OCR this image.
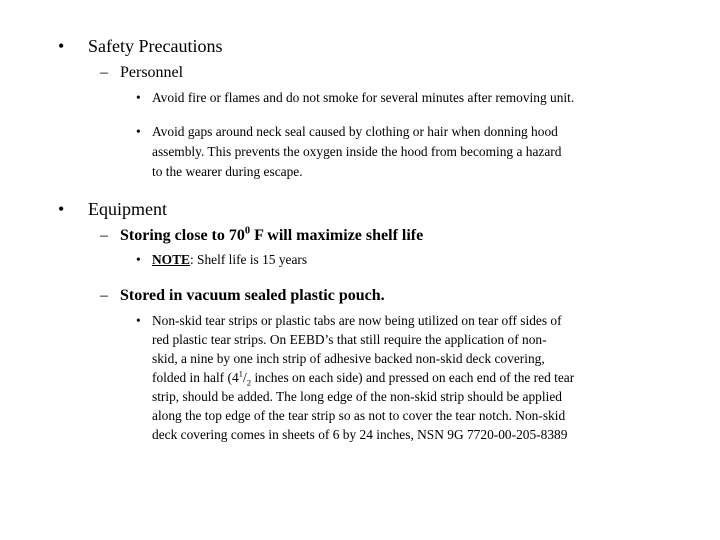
• Safety Precautions
– Personnel
• Avoid fire or flames and do not smoke for several minutes after removing unit.
• Avoid gaps around neck seal caused by clothing or hair when donning hood
assembly. This prevents the oxygen inside the hood from becoming a hazard
to the wearer during escape.
• Equipment
– Storing close to $70^0$ F will maximize shelf life
• NOTE: Shelf life is 15 years
– Stored in vacuum sealed plastic pouch.
• Non-skid tear strips or plastic tabs are now being utilized on tear off sides of
red plastic tear strips. On EEBD’s that still require the application of non-
skid, a nine by one inch strip of adhesive backed non-skid deck covering,
folded in half ($4^1/_2$ inches on each side) and pressed on each end of the red tear
strip, should be added. The long edge of the non-skid strip should be applied
along the top edge of the tear strip so as not to cover the tear notch. Non-skid
deck covering comes in sheets of 6 by 24 inches, NSN 9G 7720-00-205-8389
